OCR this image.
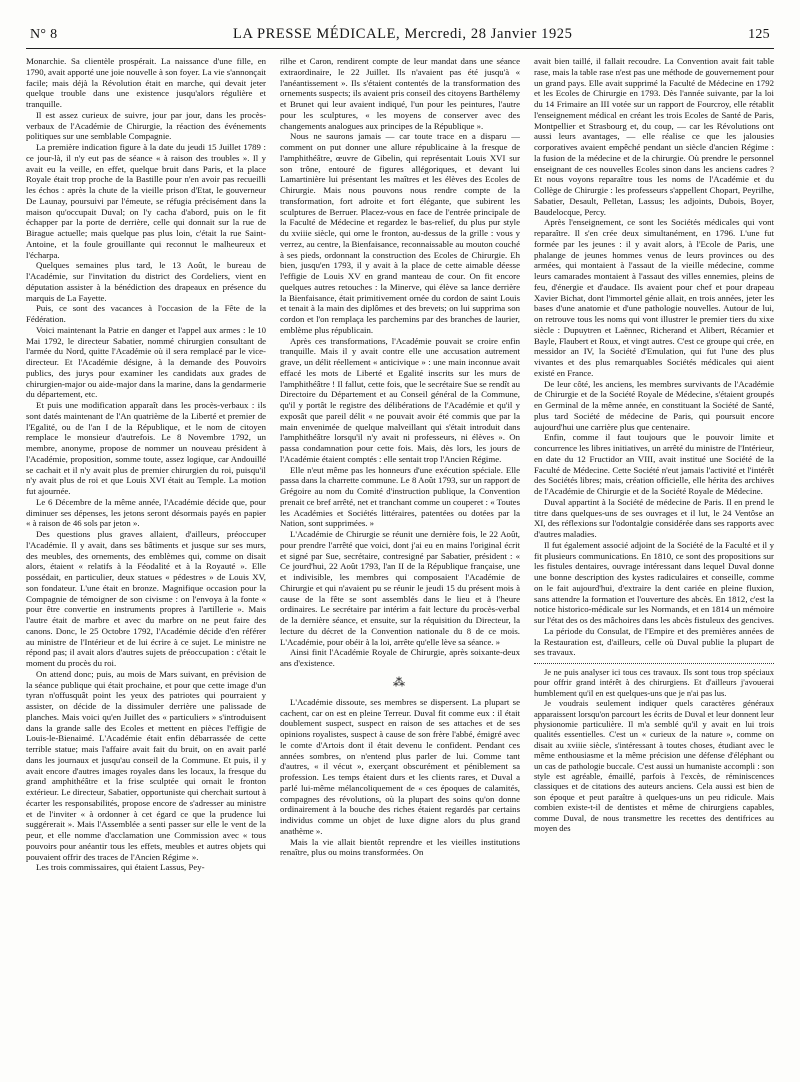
N° 8	LA PRESSE MÉDICALE, Mercredi, 28 Janvier 1925	125

Monarchie. Sa clientèle prospérait. La naissance d'une fille, en 1790, avait apporté une joie nouvelle à son foyer. La vie s'annonçait facile; mais déjà la Révolution était en marche, qui devait jeter quelque trouble dans une existence jusqu'alors régulière et tranquille.

Il est assez curieux de suivre, jour par jour, dans les procès-verbaux de l'Académie de Chirurgie, la réaction des événements politiques sur une semblable Compagnie.

La première indication figure à la date du jeudi 15 Juillet 1789 : ce jour-là, il n'y eut pas de séance « à raison des troubles ». Il y avait eu la veille, en effet, quelque bruit dans Paris, et la place Royale était trop proche de la Bastille pour n'en avoir pas recueilli les échos : après la chute de la vieille prison d'Etat, le gouverneur De Launay, poursuivi par l'émeute, se réfugia précisément dans la maison qu'occupait Duval; on l'y cacha d'abord, puis on le fit échapper par la porte de derrière, celle qui donnait sur la rue de Birague actuelle; mais quelque pas plus loin, c'était la rue Saint-Antoine, et la foule grouillante qui reconnut le malheureux et l'écharpa.

Quelques semaines plus tard, le 13 Août, le bureau de l'Académie, sur l'invitation du district des Cordeliers, vient en députation assister à la bénédiction des drapeaux en présence du marquis de La Fayette.

Puis, ce sont des vacances à l'occasion de la Fête de la Fédération.

Voici maintenant la Patrie en danger et l'appel aux armes : le 10 Mai 1792, le directeur Sabatier, nommé chirurgien consultant de l'armée du Nord, quitte l'Académie où il sera remplacé par le vice-directeur. Et l'Académie désigne, à la demande des Pouvoirs publics, des jurys pour examiner les candidats aux grades de chirurgien-major ou aide-major dans la marine, dans la gendarmerie du département, etc.

Et puis une modification apparaît dans les procès-verbaux : ils sont datés maintenant de l'An quatrième de la Liberté et premier de l'Egalité, ou de l'an I de la République, et le nom de citoyen remplace le monsieur d'autrefois. Le 8 Novembre 1792, un membre, anonyme, propose de nommer un nouveau président à l'Académie, proposition, somme toute, assez logique, car Andouillé se cachait et il n'y avait plus de premier chirurgien du roi, puisqu'il n'y avait plus de roi et que Louis XVI était au Temple. La motion fut ajournée.

Le 6 Décembre de la même année, l'Académie décide que, pour diminuer ses dépenses, les jetons seront désormais payés en papier « à raison de 46 sols par jeton ».

Des questions plus graves allaient, d'ailleurs, préoccuper l'Académie. Il y avait, dans ses bâtiments et jusque sur ses murs, des meubles, des ornements, des emblèmes qui, comme on disait alors, étaient « relatifs à la Féodalité et à la Royauté ». Elle possédait, en particulier, deux statues « pédestres » de Louis XV, son fondateur. L'une était en bronze. Magnifique occasion pour la Compagnie de témoigner de son civisme : on l'envoya à la fonte « pour être convertie en instruments propres à l'artillerie ». Mais l'autre était de marbre et avec du marbre on ne peut faire des canons. Donc, le 25 Octobre 1792, l'Académie décide d'en référer au ministre de l'Intérieur et de lui écrire à ce sujet. Le ministre ne répond pas; il avait alors d'autres sujets de préoccupation : c'était le moment du procès du roi.

On attend donc; puis, au mois de Mars suivant, en prévision de la séance publique qui était prochaine, et pour que cette image d'un tyran n'offusquât point les yeux des patriotes qui pourraient y assister, on décide de la dissimuler derrière une palissade de planches. Mais voici qu'en Juillet des « particuliers » s'introduisent dans la grande salle des Ecoles et mettent en pièces l'effigie de Louis-le-Bienaimé. L'Académie était enfin débarrassée de cette terrible statue; mais l'affaire avait fait du bruit, on en avait parlé dans les journaux et jusqu'au conseil de la Commune. Et puis, il y avait encore d'autres images royales dans les locaux, la fresque du grand amphithéâtre et la frise sculptée qui ornait le fronton extérieur. Le directeur, Sabatier, opportuniste qui cherchait surtout à écarter les responsabilités, propose encore de s'adresser au ministre et de l'inviter « à ordonner à cet égard ce que la prudence lui suggérerait ». Mais l'Assemblée a senti passer sur elle le vent de la peur, et elle nomme d'acclamation une Commission avec « tous pouvoirs pour anéantir tous les effets, meubles et autres objets qui pouvaient offrir des traces de l'Ancien Régime ».

Les trois commissaires, qui étaient Lassus, Pey-

rilhe et Caron, rendirent compte de leur mandat dans une séance extraordinaire, le 22 Juillet. Ils n'avaient pas été jusqu'à « l'anéantissement ». Ils s'étaient contentés de la transformation des ornements suspects; ils avaient pris conseil des citoyens Barthélemy et Brunet qui leur avaient indiqué, l'un pour les peintures, l'autre pour les sculptures, « les moyens de conserver avec des changements analogues aux principes de la République ».

Nous ne saurons jamais — car toute trace en a disparu — comment on put donner une allure républicaine à la fresque de l'amphithéâtre, œuvre de Gibelin, qui représentait Louis XVI sur son trône, entouré de figures allégoriques, et devant lui Lamartinière lui présentant les maîtres et les élèves des Ecoles de Chirurgie. Mais nous pouvons nous rendre compte de la transformation, fort adroite et fort élégante, que subirent les sculptures de Berruer. Placez-vous en face de l'entrée principale de la Faculté de Médecine et regardez le bas-relief, du plus pur style du xviiie siècle, qui orne le fronton, au-dessus de la grille : vous y verrez, au centre, la Bienfaisance, reconnaissable au mouton couché à ses pieds, ordonnant la construction des Ecoles de Chirurgie. Eh bien, jusqu'en 1793, il y avait à la place de cette aimable déesse l'effigie de Louis XV en grand manteau de cour. On fit encore quelques autres retouches : la Minerve, qui élève sa lance derrière la Bienfaisance, était primitivement ornée du cordon de saint Louis et tenait à la main des diplômes et des brevets; on lui supprima son cordon et l'on remplaça les parchemins par des branches de laurier, emblème plus républicain.

Après ces transformations, l'Académie pouvait se croire enfin tranquille. Mais il y avait contre elle une accusation autrement grave, un délit réellement « anticivique » : une main inconnue avait effacé les mots de Liberté et Egalité inscrits sur les murs de l'amphithéâtre ! Il fallut, cette fois, que le secrétaire Sue se rendît au Directoire du Département et au Conseil général de la Commune, qu'il y portât le registre des délibérations de l'Académie et qu'il y exposât que pareil délit « ne pouvait avoir été commis que par la main envenimée de quelque malveillant qui s'était introduit dans l'amphithéâtre lorsqu'il n'y avait ni professeurs, ni élèves ». On passa condamnation pour cette fois. Mais, dès lors, les jours de l'Académie étaient comptés : elle sentait trop l'Ancien Régime.

Elle n'eut même pas les honneurs d'une exécution spéciale. Elle passa dans la charrette commune. Le 8 Août 1793, sur un rapport de Grégoire au nom du Comité d'instruction publique, la Convention prenait ce bref arrêté, net et tranchant comme un couperet : « Toutes les Académies et Sociétés littéraires, patentées ou dotées par la Nation, sont supprimées. »

L'Académie de Chirurgie se réunit une dernière fois, le 22 Août, pour prendre l'arrêté que voici, dont j'ai eu en mains l'original écrit et signé par Sue, secrétaire, contresigné par Sabatier, président : « Ce jourd'hui, 22 Août 1793, l'an II de la République française, une et indivisible, les membres qui composaient l'Académie de Chirurgie et qui n'avaient pu se réunir le jeudi 15 du présent mois à cause de la fête se sont assemblés dans le lieu et à l'heure ordinaires. Le secrétaire par intérim a fait lecture du procès-verbal de la dernière séance, et ensuite, sur la réquisition du Directeur, la lecture du décret de la Convention nationale du 8 de ce mois. L'Académie, pour obéir à la loi, arrête qu'elle lève sa séance. »

Ainsi finit l'Académie Royale de Chirurgie, après soixante-deux ans d'existence.

⁂

L'Académie dissoute, ses membres se dispersent. La plupart se cachent, car on est en pleine Terreur. Duval fit comme eux : il était doublement suspect, suspect en raison de ses attaches et de ses opinions royalistes, suspect à cause de son frère l'abbé, émigré avec le comte d'Artois dont il était devenu le confident. Pendant ces années sombres, on n'entend plus parler de lui. Comme tant d'autres, « il vécut », exerçant obscurément et péniblement sa profession. Les temps étaient durs et les clients rares, et Duval a parlé lui-même mélancoliquement de « ces époques de calamités, compagnes des révolutions, où la plupart des soins qu'on donne ordinairement à la bouche des riches étaient regardés par certains individus comme un objet de luxe digne alors du plus grand anathème ».

Mais la vie allait bientôt reprendre et les vieilles institutions renaître, plus ou moins transformées. On

avait bien taillé, il fallait recoudre. La Convention avait fait table rase, mais la table rase n'est pas une méthode de gouvernement pour un grand pays. Elle avait supprimé la Faculté de Médecine en 1792 et les Ecoles de Chirurgie en 1793. Dès l'année suivante, par la loi du 14 Frimaire an III votée sur un rapport de Fourcroy, elle rétablit l'enseignement médical en créant les trois Ecoles de Santé de Paris, Montpellier et Strasbourg et, du coup, — car les Révolutions ont aussi leurs avantages, — elle réalise ce que les jalousies corporatives avaient empêché pendant un siècle d'ancien Régime : la fusion de la médecine et de la chirurgie. Où prendre le personnel enseignant de ces nouvelles Ecoles sinon dans les anciens cadres ? Et nous voyons reparaître tous les noms de l'Académie et du Collège de Chirurgie : les professeurs s'appellent Chopart, Peyrilhe, Sabatier, Desault, Pelletan, Lassus; les adjoints, Dubois, Boyer, Baudelocque, Percy.

Après l'enseignement, ce sont les Sociétés médicales qui vont reparaître. Il s'en crée deux simultanément, en 1796. L'une fut formée par les jeunes : il y avait alors, à l'Ecole de Paris, une phalange de jeunes hommes venus de leurs provinces ou des armées, qui montaient à l'assaut de la vieille médecine, comme leurs camarades montaient à l'assaut des villes ennemies, pleins de feu, d'énergie et d'audace. Ils avaient pour chef et pour drapeau Xavier Bichat, dont l'immortel génie allait, en trois années, jeter les bases d'une anatomie et d'une pathologie nouvelles. Autour de lui, on retrouve tous les noms qui vont illustrer le premier tiers du xixe siècle : Dupuytren et Laënnec, Richerand et Alibert, Récamier et Bayle, Flaubert et Roux, et vingt autres. C'est ce groupe qui crée, en messidor an IV, la Société d'Emulation, qui fut l'une des plus vivantes et des plus remarquables Sociétés médicales qui aient existé en France.

De leur côté, les anciens, les membres survivants de l'Académie de Chirurgie et de la Société Royale de Médecine, s'étaient groupés en Germinal de la même année, en constituant la Société de Santé, plus tard Société de médecine de Paris, qui poursuit encore aujourd'hui une carrière plus que centenaire.

Enfin, comme il faut toujours que le pouvoir limite et concurrence les libres initiatives, un arrêté du ministre de l'Intérieur, en date du 12 Fructidor an VIII, avait institué une Société de la Faculté de Médecine. Cette Société n'eut jamais l'activité et l'intérêt des Sociétés libres; mais, création officielle, elle hérita des archives de l'Académie de Chirurgie et de la Société Royale de Médecine.

Duval appartint à la Société de médecine de Paris. Il en prend le titre dans quelques-uns de ses ouvrages et il lut, le 24 Ventôse an XI, des réflexions sur l'odontalgie considérée dans ses rapports avec d'autres maladies.

Il fut également associé adjoint de la Société de la Faculté et il y fit plusieurs communications. En 1810, ce sont des propositions sur les fistules dentaires, ouvrage intéressant dans lequel Duval donne une bonne description des kystes radiculaires et conseille, comme on le fait aujourd'hui, d'extraire la dent cariée en pleine fluxion, sans attendre la formation et l'ouverture des abcès. En 1812, c'est la notice historico-médicale sur les Normands, et en 1814 un mémoire sur l'état des os des mâchoires dans les abcès fistuleux des gencives.

La période du Consulat, de l'Empire et des premières années de la Restauration est, d'ailleurs, celle où Duval publie la plupart de ses travaux.

Je ne puis analyser ici tous ces travaux. Ils sont tous trop spéciaux pour offrir grand intérêt à des chirurgiens. Et d'ailleurs j'avouerai humblement qu'il en est quelques-uns que je n'ai pas lus.

Je voudrais seulement indiquer quels caractères généraux apparaissent lorsqu'on parcourt les écrits de Duval et leur donnent leur physionomie particulière. Il m'a semblé qu'il y avait en lui trois qualités essentielles. C'est un « curieux de la nature », comme on disait au xviiie siècle, s'intéressant à toutes choses, étudiant avec le même enthousiasme et la même précision une défense d'éléphant ou un cas de pathologie buccale. C'est aussi un humaniste accompli : son style est agréable, émaillé, parfois à l'excès, de réminiscences classiques et de citations des auteurs anciens. Cela aussi est bien de son époque et peut paraître à quelques-uns un peu ridicule. Mais combien existe-t-il de dentistes et même de chirurgiens capables, comme Duval, de nous transmettre les recettes des dentifrices au moyen des
